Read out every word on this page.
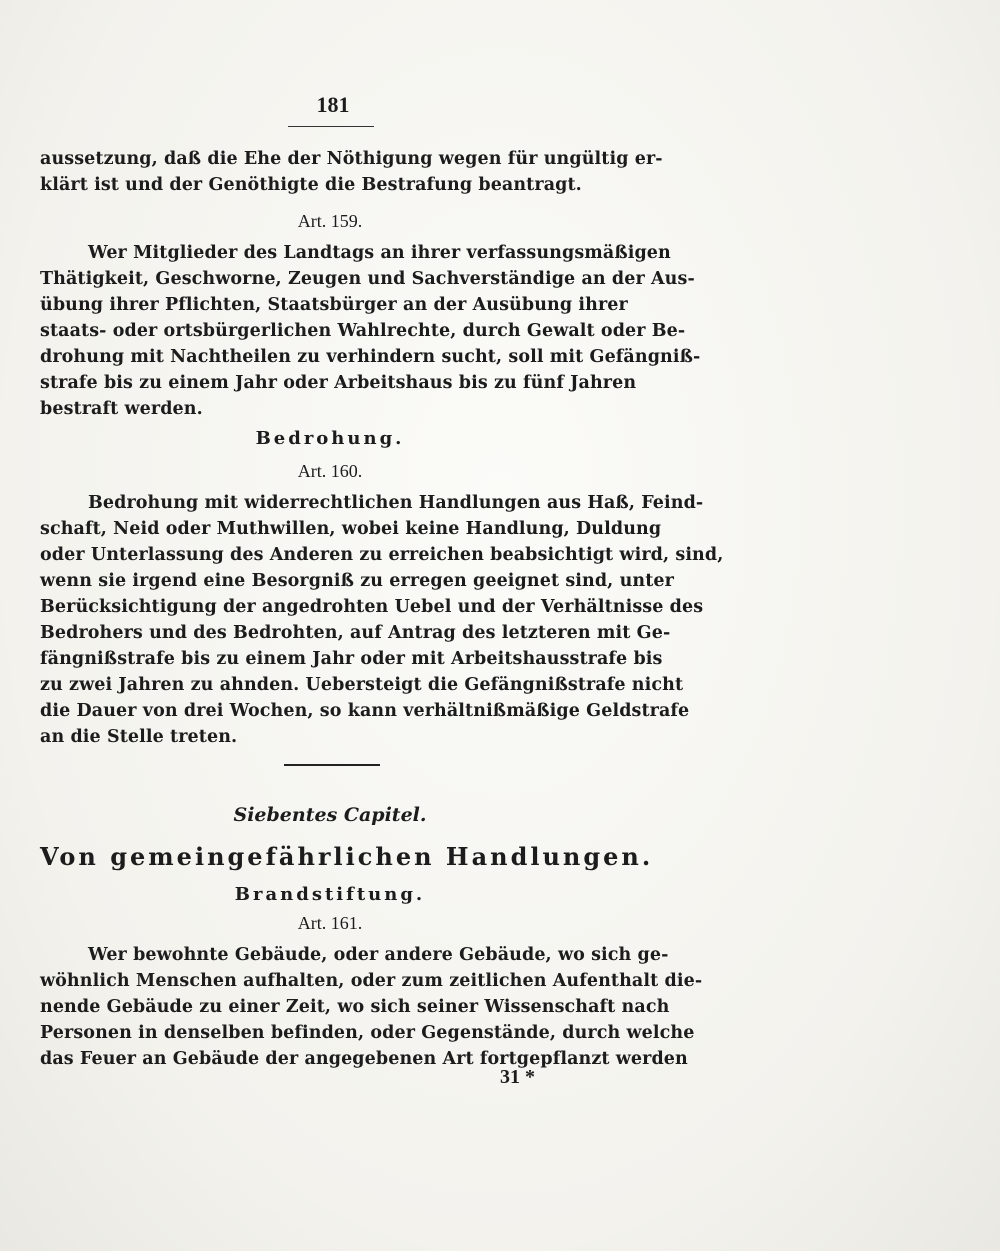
181
aussetzung, daß die Ehe der Nöthigung wegen für ungültig er-
klärt ist und der Genöthigte die Bestrafung beantragt.
Art. 159.
Wer Mitglieder des Landtags an ihrer verfassungsmäßigen
Thätigkeit, Geschworne, Zeugen und Sachverständige an der Aus-
übung ihrer Pflichten, Staatsbürger an der Ausübung ihrer
staats- oder ortsbürgerlichen Wahlrechte, durch Gewalt oder Be-
drohung mit Nachtheilen zu verhindern sucht, soll mit Gefängniß-
strafe bis zu einem Jahr oder Arbeitshaus bis zu fünf Jahren
bestraft werden.
Bedrohung.
Art. 160.
Bedrohung mit widerrechtlichen Handlungen aus Haß, Feind-
schaft, Neid oder Muthwillen, wobei keine Handlung, Duldung
oder Unterlassung des Anderen zu erreichen beabsichtigt wird, sind,
wenn sie irgend eine Besorgniß zu erregen geeignet sind, unter
Berücksichtigung der angedrohten Uebel und der Verhältnisse des
Bedrohers und des Bedrohten, auf Antrag des letzteren mit Ge-
fängnißstrafe bis zu einem Jahr oder mit Arbeitshausstrafe bis
zu zwei Jahren zu ahnden. Uebersteigt die Gefängnißstrafe nicht
die Dauer von drei Wochen, so kann verhältnißmäßige Geldstrafe
an die Stelle treten.
Siebentes Capitel.
Von gemeingefährlichen Handlungen.
Brandstiftung.
Art. 161.
Wer bewohnte Gebäude, oder andere Gebäude, wo sich ge-
wöhnlich Menschen aufhalten, oder zum zeitlichen Aufenthalt die-
nende Gebäude zu einer Zeit, wo sich seiner Wissenschaft nach
Personen in denselben befinden, oder Gegenstände, durch welche
das Feuer an Gebäude der angegebenen Art fortgepflanzt werden
31 *
